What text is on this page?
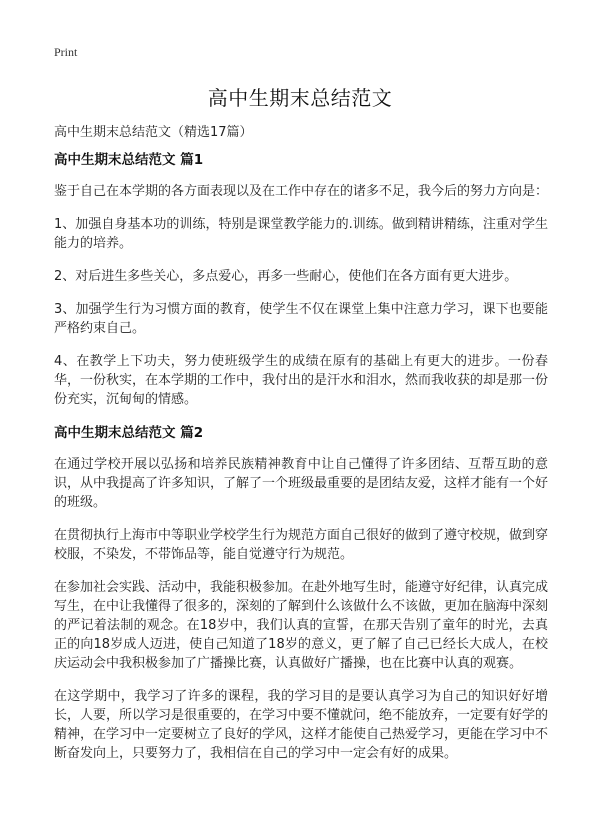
Print
高中生期末总结范文
高中生期末总结范文（精选17篇）
高中生期末总结范文 篇1

鉴于自己在本学期的各方面表现以及在工作中存在的诸多不足，我今后的努力方向是：

1、加强自身基本功的训练，特别是课堂教学能力的.训练。做到精讲精练，注重对学生能力的培养。

2、对后进生多些关心，多点爱心，再多一些耐心，使他们在各方面有更大进步。

3、加强学生行为习惯方面的教育，使学生不仅在课堂上集中注意力学习，课下也要能严格约束自己。

4、在教学上下功夫，努力使班级学生的成绩在原有的基础上有更大的进步。一份春华，一份秋实，在本学期的工作中，我付出的是汗水和泪水，然而我收获的却是那一份份充实，沉甸甸的情感。

高中生期末总结范文 篇2

在通过学校开展以弘扬和培养民族精神教育中让自己懂得了许多团结、互帮互助的意识，从中我提高了许多知识，了解了一个班级最重要的是团结友爱，这样才能有一个好的班级。

在贯彻执行上海市中等职业学校学生行为规范方面自己很好的做到了遵守校规，做到穿校服，不染发，不带饰品等，能自觉遵守行为规范。

在参加社会实践、活动中，我能积极参加。在赴外地写生时，能遵守好纪律，认真完成写生，在中让我懂得了很多的，深刻的了解到什么该做什么不该做，更加在脑海中深刻的严记着法制的观念。在18岁中，我们认真的宣誓，在那天告别了童年的时光，去真正的向18岁成人迈进，使自己知道了18岁的意义，更了解了自己已经长大成人，在校庆运动会中我积极参加了广播操比赛，认真做好广播操，也在比赛中认真的观赛。

在这学期中，我学习了许多的课程，我的学习目的是要认真学习为自己的知识好好增长，人要，所以学习是很重要的，在学习中要不懂就问，绝不能放弃，一定要有好学的精神，在学习中一定要树立了良好的学风，这样才能使自己热爱学习，更能在学习中不断奋发向上，只要努力了，我相信在自己的学习中一定会有好的成果。
